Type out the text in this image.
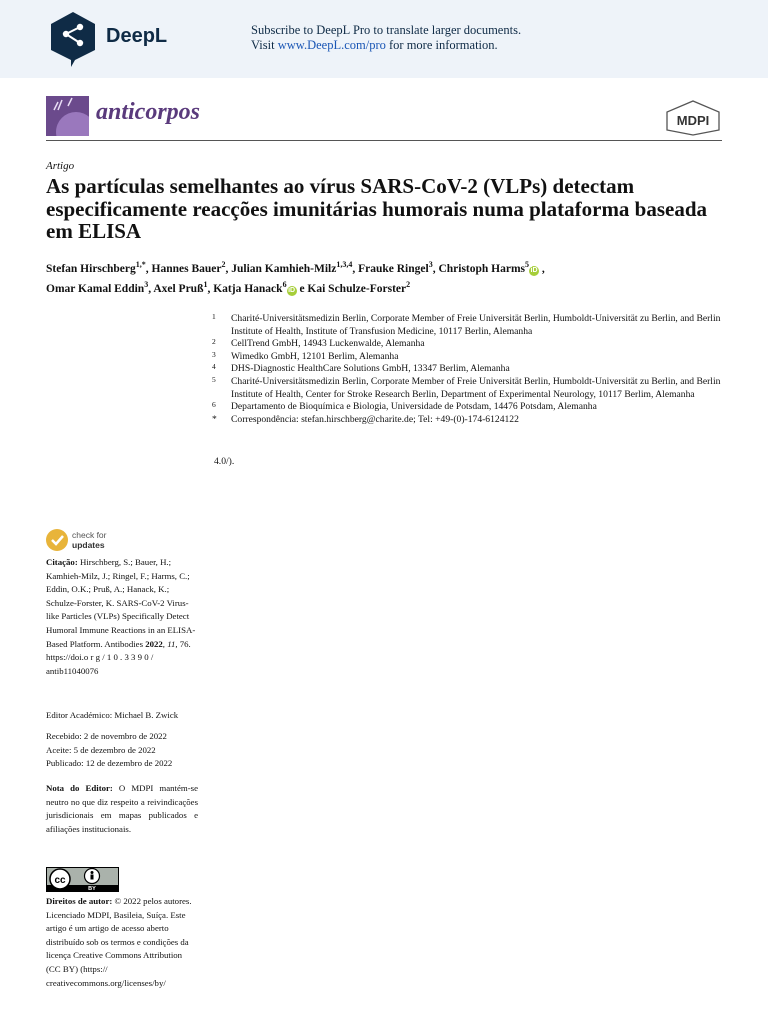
DeepL	Subscribe to DeepL Pro to translate larger documents.
Visit www.DeepL.com/pro for more information.
anticorpos	MDPI
Artigo
As partículas semelhantes ao vírus SARS-CoV-2 (VLPs) detectam especificamente reacções imunitárias humorais numa plataforma baseada em ELISA
Stefan Hirschberg$^{1,*}$, Hannes Bauer$^2$, Julian Kamhieh-Milz$^{1,3,4}$, Frauke Ringel$^3$, Christoph Harms$^5$iD ,
Omar Kamal Eddin$^3$, Axel Pruß$^1$, Katja Hanack$^6$iD e Kai Schulze-Forster$^2$
1	Charité-Universitätsmedizin Berlin, Corporate Member of Freie Universität Berlin, Humboldt-Universität zu Berlin, and Berlin Institute of Health, Institute of Transfusion Medicine, 10117 Berlin, Alemanha
2	CellTrend GmbH, 14943 Luckenwalde, Alemanha
3	Wimedko GmbH, 12101 Berlim, Alemanha
4	DHS-Diagnostic HealthCare Solutions GmbH, 13347 Berlim, Alemanha
5	Charité-Universitätsmedizin Berlin, Corporate Member of Freie Universität Berlin, Humboldt-Universität zu Berlin, and Berlin Institute of Health, Center for Stroke Research Berlin, Department of Experimental Neurology, 10117 Berlim, Alemanha
6	Departamento de Bioquímica e Biologia, Universidade de Potsdam, 14476 Potsdam, Alemanha
*	Correspondência: stefan.hirschberg@charite.de; Tel: +49-(0)-174-6124122
4.0/).
check for
updates
Citação: Hirschberg, S.; Bauer, H.; Kamhieh-Milz, J.; Ringel, F.; Harms, C.; Eddin, O.K.; Pruß, A.; Hanack, K.; Schulze-Forster, K. SARS-CoV-2 Virus-like Particles (VLPs) Specifically Detect Humoral Immune Reactions in an ELISA-Based Platform. Antibodies 2022, 11, 76. https://doi.o r g / 1 0 . 3 3 9 0 / antib11040076
Editor Académico: Michael B. Zwick
Recebido: 2 de novembro de 2022
Aceite: 5 de dezembro de 2022
Publicado: 12 de dezembro de 2022
Nota do Editor: O MDPI mantém-se neutro no que diz respeito a reivindicações jurisdicionais em mapas publicados e afiliações institucionais.
cc
BY
Direitos de autor: © 2022 pelos autores. Licenciado MDPI, Basileia, Suíça. Este artigo é um artigo de acesso aberto distribuído sob os termos e condições da licença Creative Commons Attribution (CC BY) (https:// creativecommons.org/licenses/by/
